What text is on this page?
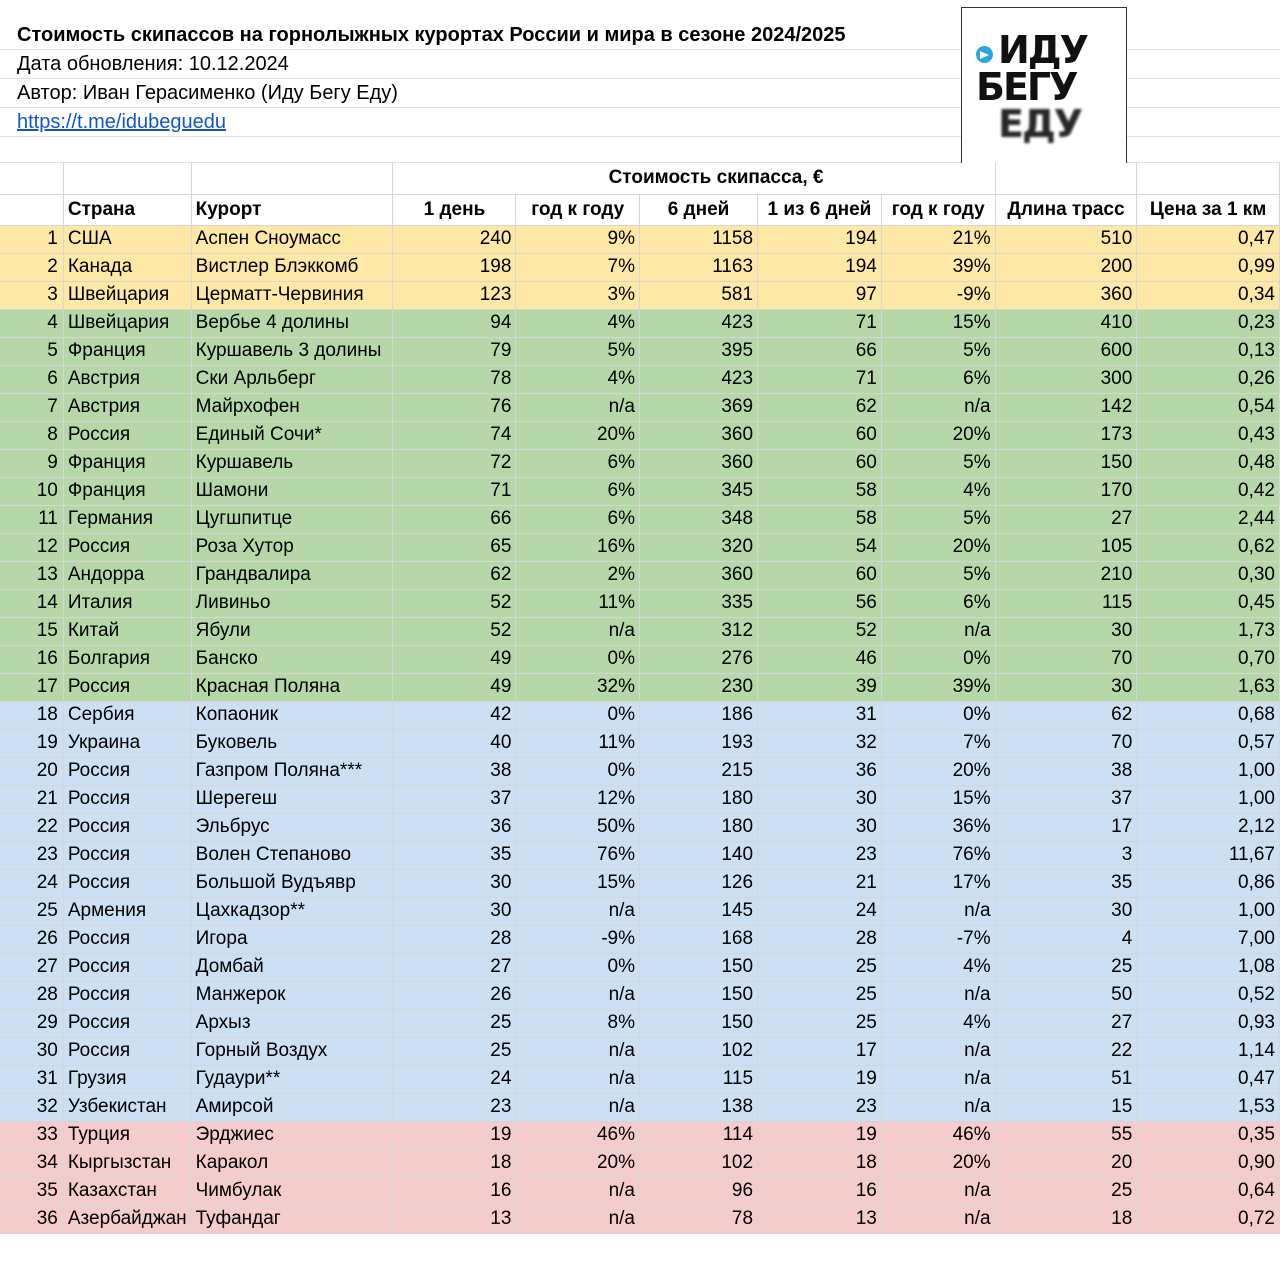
Стоимость скипассов на горнолыжных курортах России и мира в сезоне 2024/2025
Дата обновления: 10.12.2024
Автор: Иван Герасименко (Иду Бегу Еду)
https://t.me/idubeguedu
ИДУ
БЕГУ
ЕДУ
			Стоимость скипасса, €						
	Страна	Курорт	1 день	год к году	6 дней	1 из 6 дней	год к году	Длина трасс	Цена за 1 км
1	США	Аспен Сноумасс	240	9%	1158	194	21%	510	0,47
2	Канада	Вистлер Блэккомб	198	7%	1163	194	39%	200	0,99
3	Швейцария	Церматт-Червиния	123	3%	581	97	-9%	360	0,34
4	Швейцария	Вербье 4 долины	94	4%	423	71	15%	410	0,23
5	Франция	Куршавель 3 долины	79	5%	395	66	5%	600	0,13
6	Австрия	Ски Арльберг	78	4%	423	71	6%	300	0,26
7	Австрия	Майрхофен	76	n/a	369	62	n/a	142	0,54
8	Россия	Единый Сочи*	74	20%	360	60	20%	173	0,43
9	Франция	Куршавель	72	6%	360	60	5%	150	0,48
10	Франция	Шамони	71	6%	345	58	4%	170	0,42
11	Германия	Цугшпитце	66	6%	348	58	5%	27	2,44
12	Россия	Роза Хутор	65	16%	320	54	20%	105	0,62
13	Андорра	Грандвалира	62	2%	360	60	5%	210	0,30
14	Италия	Ливиньо	52	11%	335	56	6%	115	0,45
15	Китай	Ябули	52	n/a	312	52	n/a	30	1,73
16	Болгария	Банско	49	0%	276	46	0%	70	0,70
17	Россия	Красная Поляна	49	32%	230	39	39%	30	1,63
18	Сербия	Копаоник	42	0%	186	31	0%	62	0,68
19	Украина	Буковель	40	11%	193	32	7%	70	0,57
20	Россия	Газпром Поляна***	38	0%	215	36	20%	38	1,00
21	Россия	Шерегеш	37	12%	180	30	15%	37	1,00
22	Россия	Эльбрус	36	50%	180	30	36%	17	2,12
23	Россия	Волен Степаново	35	76%	140	23	76%	3	11,67
24	Россия	Большой Вудъявр	30	15%	126	21	17%	35	0,86
25	Армения	Цахкадзор**	30	n/a	145	24	n/a	30	1,00
26	Россия	Игора	28	-9%	168	28	-7%	4	7,00
27	Россия	Домбай	27	0%	150	25	4%	25	1,08
28	Россия	Манжерок	26	n/a	150	25	n/a	50	0,52
29	Россия	Архыз	25	8%	150	25	4%	27	0,93
30	Россия	Горный Воздух	25	n/a	102	17	n/a	22	1,14
31	Грузия	Гудаури**	24	n/a	115	19	n/a	51	0,47
32	Узбекистан	Амирсой	23	n/a	138	23	n/a	15	1,53
33	Турция	Эрджиес	19	46%	114	19	46%	55	0,35
34	Кыргызстан	Каракол	18	20%	102	18	20%	20	0,90
35	Казахстан	Чимбулак	16	n/a	96	16	n/a	25	0,64
36	Азербайджан	Туфандаг	13	n/a	78	13	n/a	18	0,72
